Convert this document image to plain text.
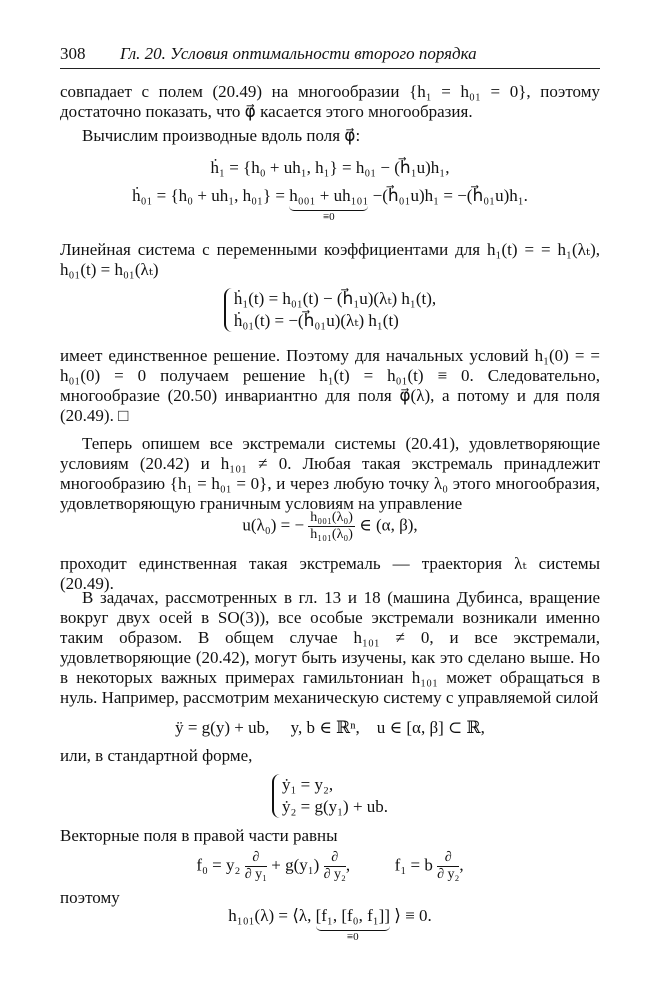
308 Гл. 20. Условия оптимальности второго порядка
совпадает с полем (20.49) на многообразии {h₁ = h₀₁ = 0}, поэтому достаточно показать, что φ⃗ касается этого многообразия.
Вычислим производные вдоль поля φ⃗:
ḣ₁ = {h₀ + uh₁, h₁} = h₀₁ − (h⃗₁u)h₁,
ḣ₀₁ = {h₀ + uh₁, h₀₁} = h₀₀₁ + uh₁₀₁
≡0
−(h⃗₀₁u)h₁ = −(h⃗₀₁u)h₁.
Линейная система с переменными коэффициентами для h₁(t) = = h₁(λₜ), h₀₁(t) = h₀₁(λₜ)
ḣ₁(t) = h₀₁(t) − (h⃗₁u)(λₜ) h₁(t),
ḣ₀₁(t) = −(h⃗₀₁u)(λₜ) h₁(t)
имеет единственное решение. Поэтому для начальных условий h₁(0) = = h₀₁(0) = 0 получаем решение h₁(t) = h₀₁(t) ≡ 0. Следовательно, многообразие (20.50) инвариантно для поля φ⃗(λ), а потому и для поля (20.49). □
Теперь опишем все экстремали системы (20.41), удовлетворяющие условиям (20.42) и h₁₀₁ ≠ 0. Любая такая экстремаль принадлежит многообразию {h₁ = h₀₁ = 0}, и через любую точку λ₀ этого многообразия, удовлетворяющую граничным условиям на управление
u(λ₀) = − $\frac{\text{h₀₀₁(λ₀)}}{\text{h₁₀₁(λ₀)}}$ ∈ (α, β),
проходит единственная такая экстремаль — траектория λₜ системы (20.49).
В задачах, рассмотренных в гл. 13 и 18 (машина Дубинса, вращение вокруг двух осей в SO(3)), все особые экстремали возникали именно таким образом. В общем случае h₁₀₁ ≠ 0, и все экстремали, удовлетворяющие (20.42), могут быть изучены, как это сделано выше. Но в некоторых важных примерах гамильтониан h₁₀₁ может обращаться в нуль. Например, рассмотрим механическую систему с управляемой силой
ÿ = g(y) + ub,     y, b ∈ ℝⁿ,    u ∈ [α, β] ⊂ ℝ,
или, в стандартной форме,
ẏ₁ = y₂,
ẏ₂ = g(y₁) + ub.
Векторные поля в правой части равны
$f_0 = y_2 \frac{\partial}{\text{∂ y₁}} + g(y_1) \frac{\partial}{\text{∂ y₂}}$ ,	f₁ = b $\frac{\partial}{\text{∂ y₂}}$ ,
поэтому
h₁₀₁(λ) = ⟨λ, [f₁, [f₀, f₁]]
≡0
⟩ ≡ 0.
